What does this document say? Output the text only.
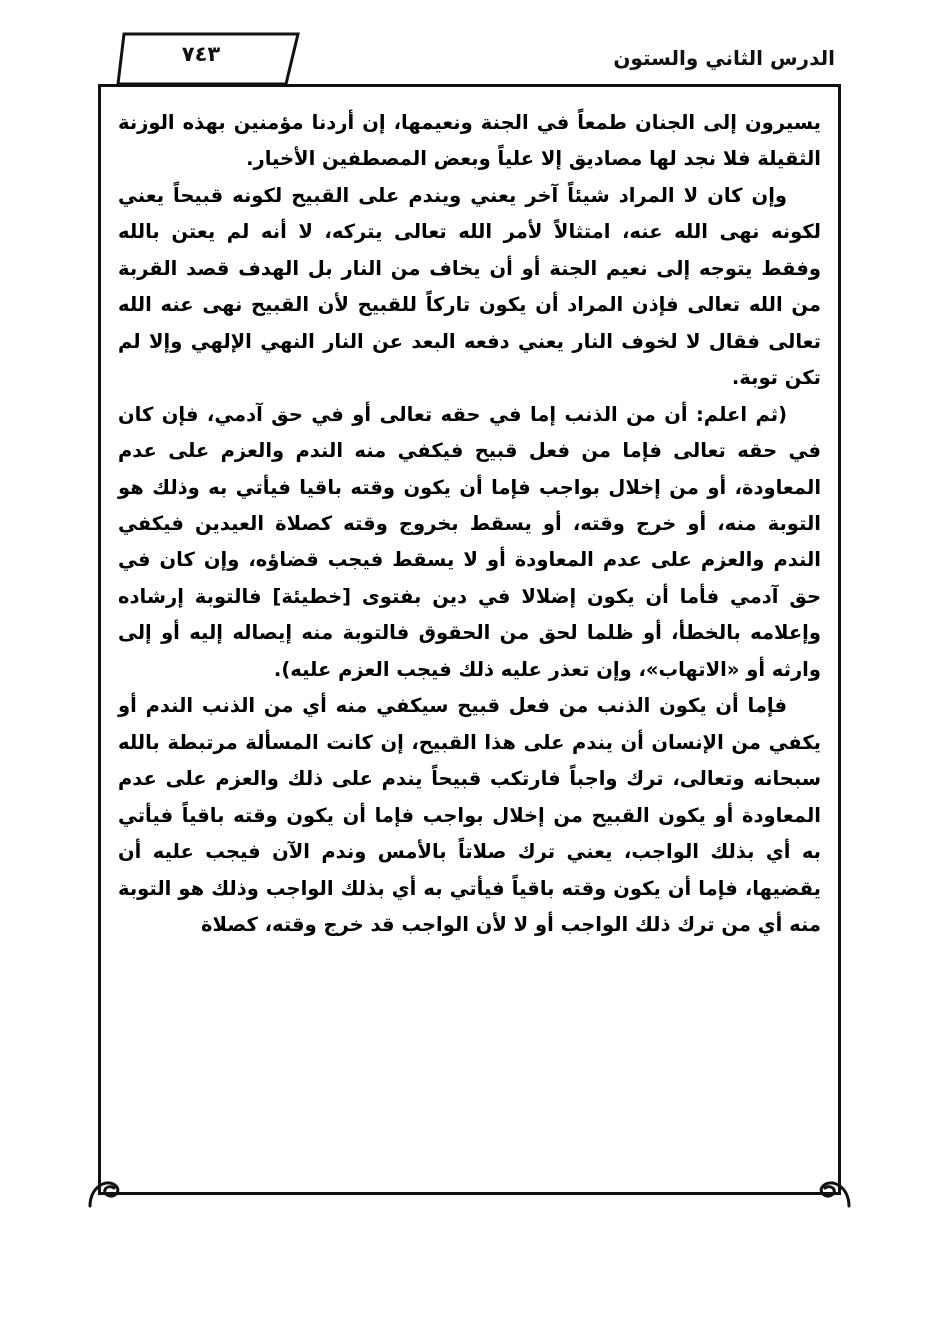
الدرس الثاني والستون
٧٤٣

يسيرون إلى الجنان طمعاً في الجنة ونعيمها، إن أردنا مؤمنين بهذه الوزنة الثقيلة فلا نجد لها مصاديق إلا علياً وبعض المصطفين الأخيار.

وإن كان لا المراد شيئاً آخر يعني ويندم على القبيح لكونه قبيحاً يعني لكونه نهى الله عنه، امتثالاً لأمر الله تعالى يتركه، لا أنه لم يعتن بالله وفقط يتوجه إلى نعيم الجنة أو أن يخاف من النار بل الهدف قصد القربة من الله تعالى فإذن المراد أن يكون تاركاً للقبيح لأن القبيح نهى عنه الله تعالى فقال لا لخوف النار يعني دفعه البعد عن النار النهي الإلهي وإلا لم تكن توبة.

(ثم اعلم: أن من الذنب إما في حقه تعالى أو في حق آدمي، فإن كان في حقه تعالى فإما من فعل قبيح فيكفي منه الندم والعزم على عدم المعاودة، أو من إخلال بواجب فإما أن يكون وقته باقيا فيأتي به وذلك هو التوبة منه، أو خرج وقته، أو يسقط بخروج وقته كصلاة العيدين فيكفي الندم والعزم على عدم المعاودة أو لا يسقط فيجب قضاؤه، وإن كان في حق آدمي فأما أن يكون إضلالا في دين بفتوى [خطيئة] فالتوبة إرشاده وإعلامه بالخطأ، أو ظلما لحق من الحقوق فالتوبة منه إيصاله إليه أو إلى وارثه أو «الاتهاب»، وإن تعذر عليه ذلك فيجب العزم عليه).

فإما أن يكون الذنب من فعل قبيح سيكفي منه أي من الذنب الندم أو يكفي من الإنسان أن يندم على هذا القبيح، إن كانت المسألة مرتبطة بالله سبحانه وتعالى، ترك واجباً فارتكب قبيحاً يندم على ذلك والعزم على عدم المعاودة أو يكون القبيح من إخلال بواجب فإما أن يكون وقته باقياً فيأتي به أي بذلك الواجب، يعني ترك صلاتاً بالأمس وندم الآن فيجب عليه أن يقضيها، فإما أن يكون وقته باقياً فيأتي به أي بذلك الواجب وذلك هو التوبة منه أي من ترك ذلك الواجب أو لا لأن الواجب قد خرج وقته، كصلاة
